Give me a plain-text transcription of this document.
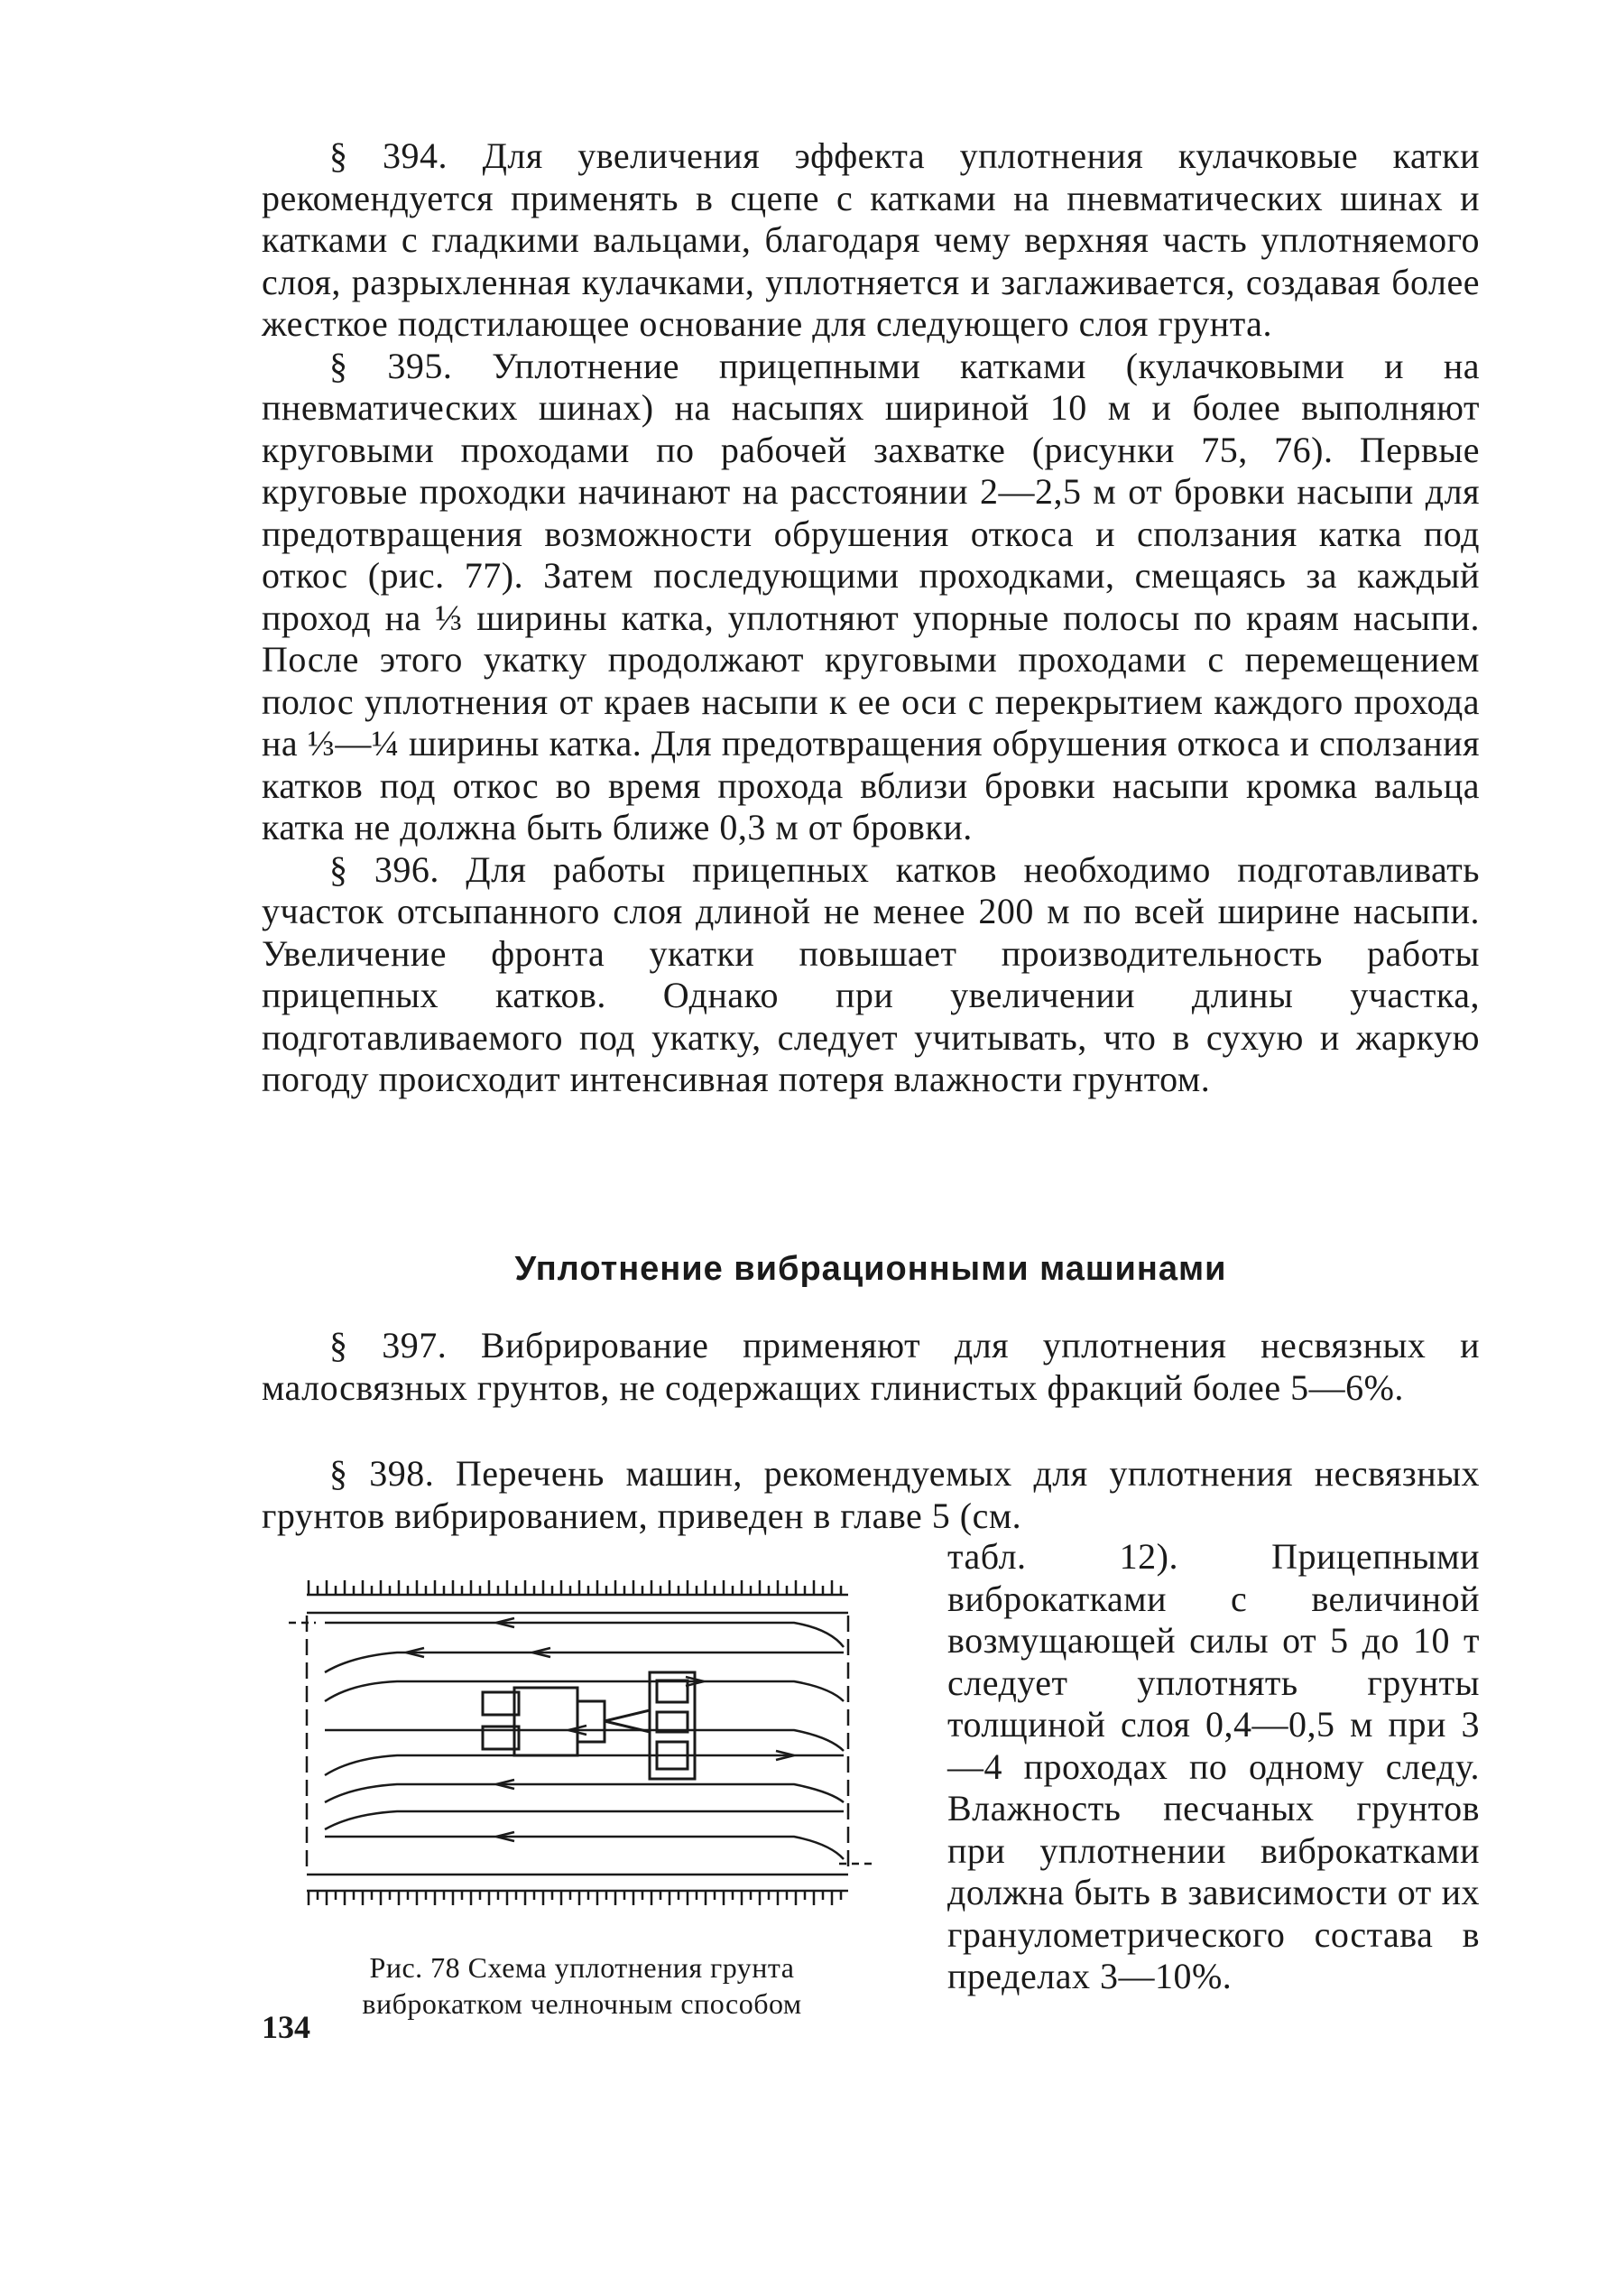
§ 394. Для увеличения эффекта уплотнения кулачковые катки рекомендуется применять в сцепе с катками на пневматических шинах и катками с гладкими вальцами, благодаря чему верхняя часть уплотняемого слоя, разрыхленная кулачками, уплотняется и заглаживается, создавая более жесткое подстилающее основание для следующего слоя грунта.

§ 395. Уплотнение прицепными катками (кулачковыми и на пневматических шинах) на насыпях шириной 10 м и более выполняют круговыми проходами по рабочей захватке (рисунки 75, 76). Первые круговые проходки начинают на расстоянии 2—2,5 м от бровки насыпи для предотвращения возможности обрушения откоса и сползания катка под откос (рис. 77). Затем последующими проходками, смещаясь за каждый проход на ⅓ ширины катка, уплотняют упорные полосы по краям насыпи. После этого укатку продолжают круговыми проходами с перемещением полос уплотнения от краев насыпи к ее оси с перекрытием каждого прохода на ⅓—¼ ширины катка. Для предотвращения обрушения откоса и сползания катков под откос во время прохода вблизи бровки насыпи кромка вальца катка не должна быть ближе 0,3 м от бровки.

§ 396. Для работы прицепных катков необходимо подготавливать участок отсыпанного слоя длиной не менее 200 м по всей ширине насыпи. Увеличение фронта укатки повышает производительность работы прицепных катков. Однако при увеличении длины участка, подготавливаемого под укатку, следует учитывать, что в сухую и жаркую погоду происходит интенсивная потеря влажности грунтом.

Уплотнение вибрационными машинами

§ 397. Вибрирование применяют для уплотнения несвязных и малосвязных грунтов, не содержащих глинистых фракций более 5—6%.

§ 398. Перечень машин, рекомендуемых для уплотнения несвязных грунтов вибрированием, приведен в главе 5 (см.

табл. 12). Прицепными виброкатками с величиной возмущающей силы от 5 до 10 т следует уплотнять грунты толщиной слоя 0,4—0,5 м при 3—4 проходах по одному следу. Влажность песчаных грунтов при уплотнении виброкатками должна быть в зависимости от их гранулометрического состава в пределах 3—10%.

Рис. 78 Схема уплотнения грунта виброкатком челночным способом
134
